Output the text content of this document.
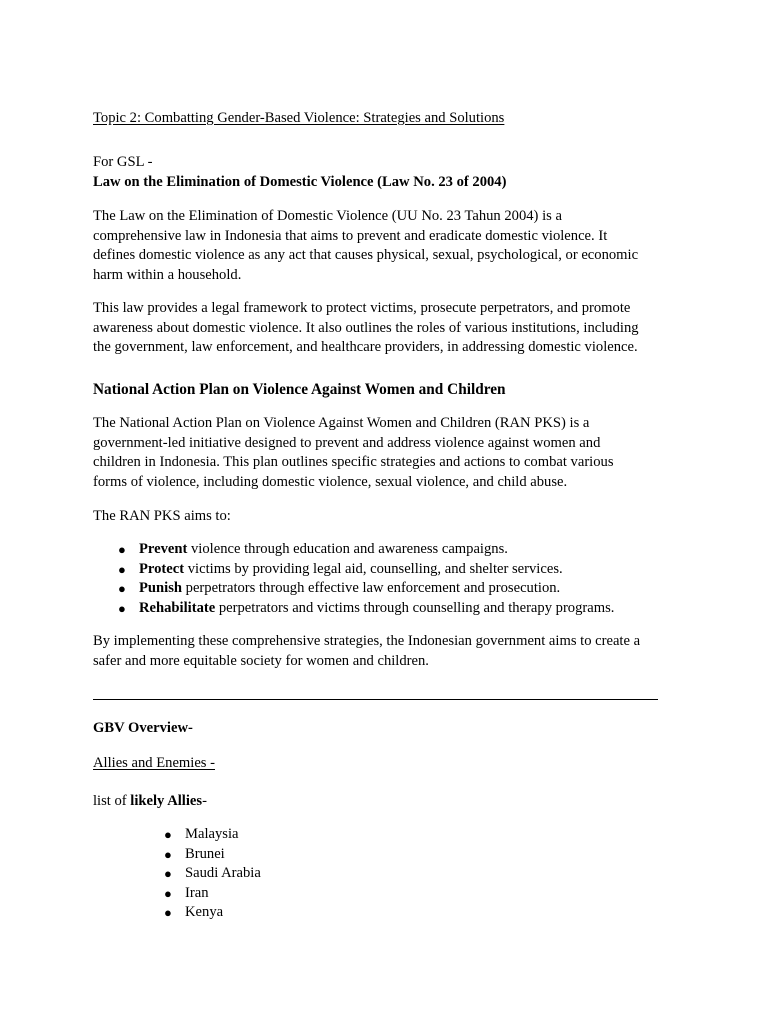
Topic 2: Combatting Gender-Based Violence: Strategies and Solutions
For GSL -
Law on the Elimination of Domestic Violence (Law No. 23 of 2004)
The Law on the Elimination of Domestic Violence (UU No. 23 Tahun 2004) is a
comprehensive law in Indonesia that aims to prevent and eradicate domestic violence. It
defines domestic violence as any act that causes physical, sexual, psychological, or economic
harm within a household.
This law provides a legal framework to protect victims, prosecute perpetrators, and promote
awareness about domestic violence. It also outlines the roles of various institutions, including
the government, law enforcement, and healthcare providers, in addressing domestic violence.
National Action Plan on Violence Against Women and Children
The National Action Plan on Violence Against Women and Children (RAN PKS) is a
government-led initiative designed to prevent and address violence against women and
children in Indonesia. This plan outlines specific strategies and actions to combat various
forms of violence, including domestic violence, sexual violence, and child abuse.
The RAN PKS aims to:
● Prevent violence through education and awareness campaigns.
● Protect victims by providing legal aid, counselling, and shelter services.
● Punish perpetrators through effective law enforcement and prosecution.
● Rehabilitate perpetrators and victims through counselling and therapy programs.
By implementing these comprehensive strategies, the Indonesian government aims to create a
safer and more equitable society for women and children.
GBV Overview-
Allies and Enemies -
list of likely Allies-
● Malaysia
● Brunei
● Saudi Arabia
● Iran
● Kenya
